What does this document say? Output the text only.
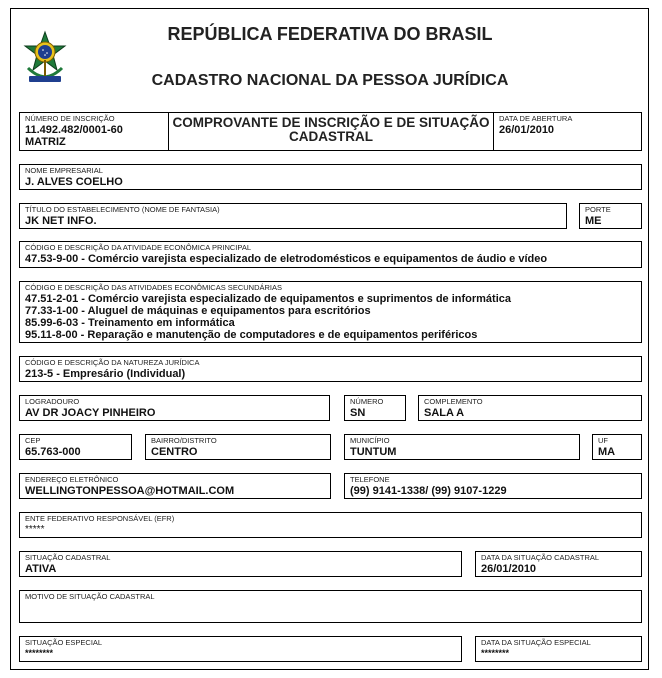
REPÚBLICA FEDERATIVA DO BRASIL
CADASTRO NACIONAL DA PESSOA JURÍDICA
NÚMERO DE INSCRIÇÃO
11.492.482/0001-60
MATRIZ
COMPROVANTE DE INSCRIÇÃO E DE SITUAÇÃO
CADASTRAL
DATA DE ABERTURA
26/01/2010
NOME EMPRESARIAL
J. ALVES COELHO
TÍTULO DO ESTABELECIMENTO (NOME DE FANTASIA)
JK NET INFO.
PORTE
ME
CÓDIGO E DESCRIÇÃO DA ATIVIDADE ECONÔMICA PRINCIPAL
47.53-9-00 - Comércio varejista especializado de eletrodomésticos e equipamentos de áudio e vídeo
CÓDIGO E DESCRIÇÃO DAS ATIVIDADES ECONÔMICAS SECUNDÁRIAS
47.51-2-01 - Comércio varejista especializado de equipamentos e suprimentos de informática
77.33-1-00 - Aluguel de máquinas e equipamentos para escritórios
85.99-6-03 - Treinamento em informática
95.11-8-00 - Reparação e manutenção de computadores e de equipamentos periféricos
CÓDIGO E DESCRIÇÃO DA NATUREZA JURÍDICA
213-5 - Empresário (Individual)
LOGRADOURO
AV DR JOACY PINHEIRO
NÚMERO
SN
COMPLEMENTO
SALA A
CEP
65.763-000
BAIRRO/DISTRITO
CENTRO
MUNICÍPIO
TUNTUM
UF
MA
ENDEREÇO ELETRÔNICO
WELLINGTONPESSOA@HOTMAIL.COM
TELEFONE
(99) 9141-1338/ (99) 9107-1229
ENTE FEDERATIVO RESPONSÁVEL (EFR)
*****
SITUAÇÃO CADASTRAL
ATIVA
DATA DA SITUAÇÃO CADASTRAL
26/01/2010
MOTIVO DE SITUAÇÃO CADASTRAL
SITUAÇÃO ESPECIAL
********
DATA DA SITUAÇÃO ESPECIAL
********
